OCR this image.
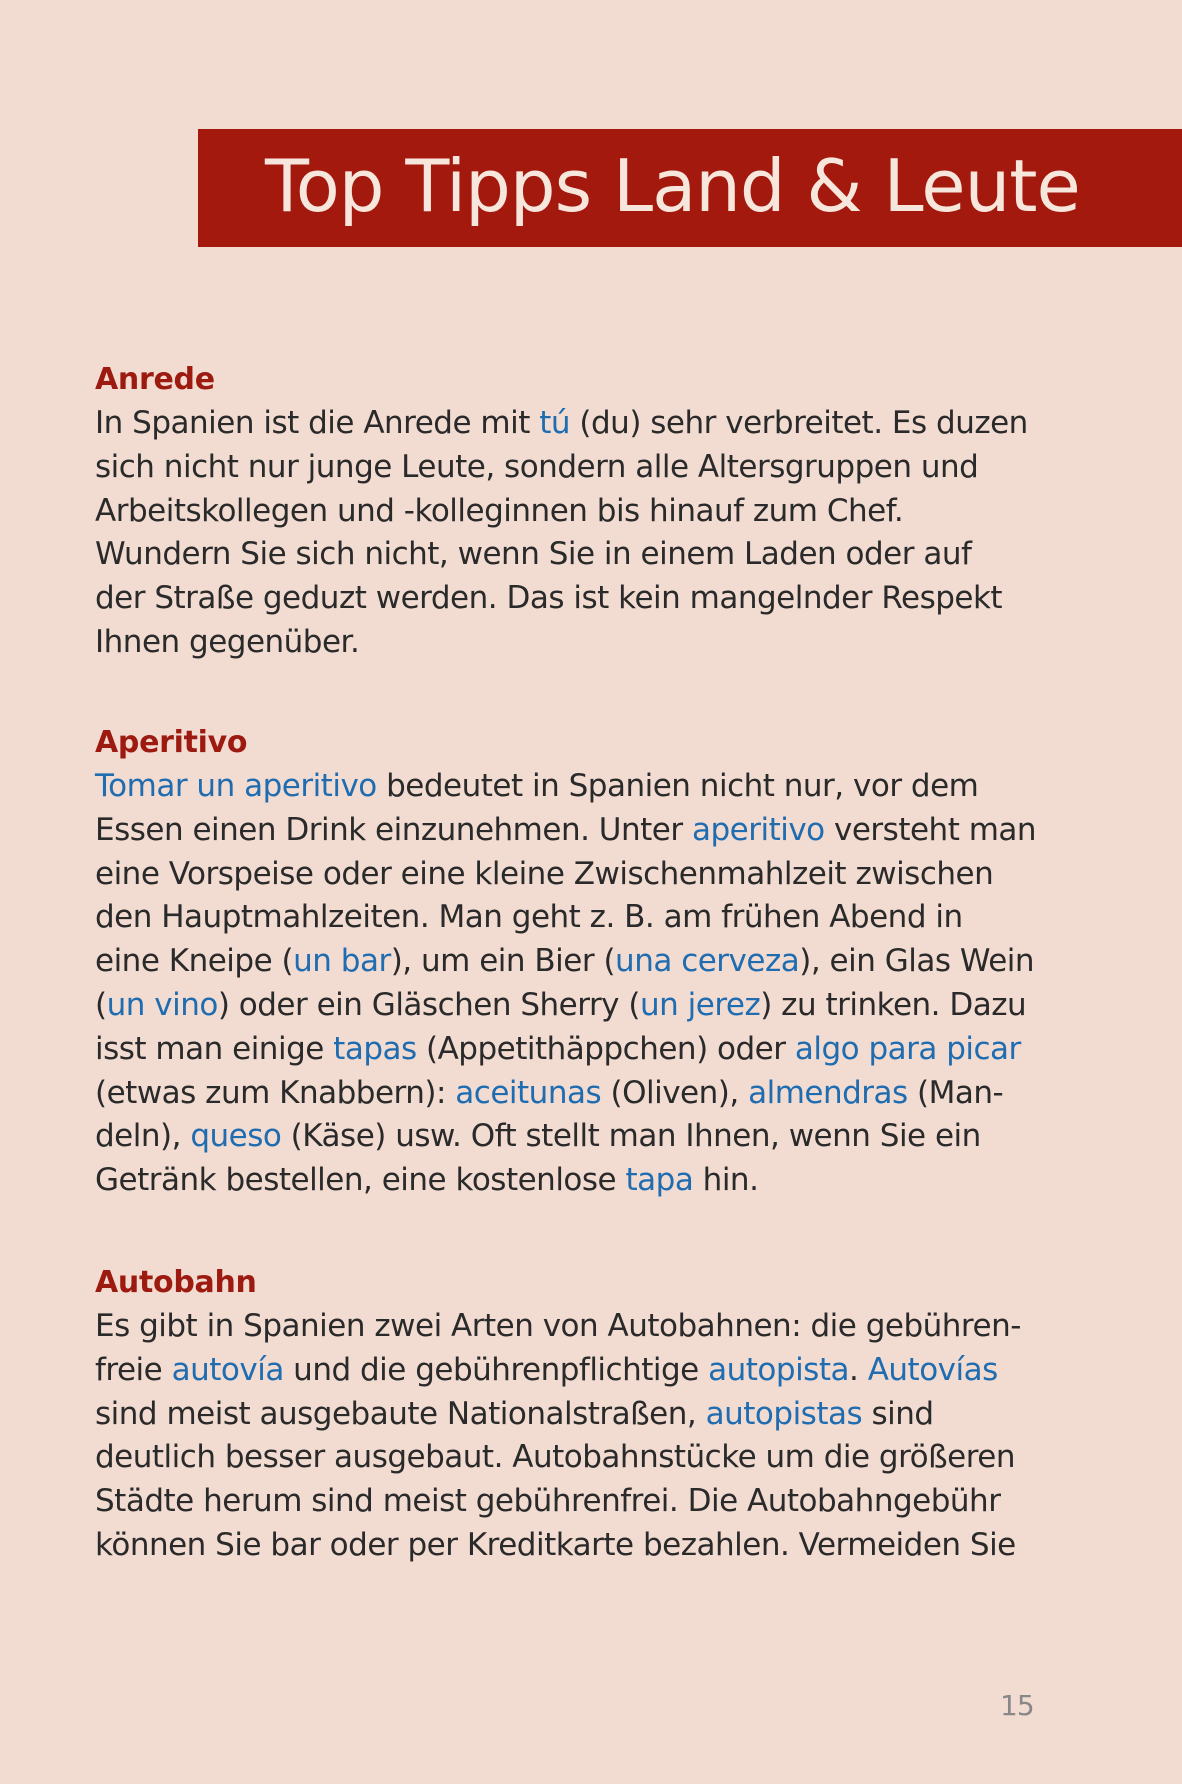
Top Tipps Land & Leute
Anrede

In Spanien ist die Anrede mit tú (du) sehr verbreitet. Es duzen
sich nicht nur junge Leute, sondern alle Altersgruppen und
Arbeitskollegen und -kolleginnen bis hinauf zum Chef.
Wundern Sie sich nicht, wenn Sie in einem Laden oder auf
der Straße geduzt werden. Das ist kein mangelnder Respekt
Ihnen gegenüber.

Aperitivo

Tomar un aperitivo bedeutet in Spanien nicht nur, vor dem
Essen einen Drink einzunehmen. Unter aperitivo versteht man
eine Vorspeise oder eine kleine Zwischenmahlzeit zwischen
den Hauptmahlzeiten. Man geht z. B. am frühen Abend in
eine Kneipe (un bar), um ein Bier (una cerveza), ein Glas Wein
(un vino) oder ein Gläschen Sherry (un jerez) zu trinken. Dazu
isst man einige tapas (Appetithäppchen) oder algo para picar
(etwas zum Knabbern): aceitunas (Oliven), almendras (Man-
deln), queso (Käse) usw. Oft stellt man Ihnen, wenn Sie ein
Getränk bestellen, eine kostenlose tapa hin.

Autobahn

Es gibt in Spanien zwei Arten von Autobahnen: die gebühren-
freie autovía und die gebührenpflichtige autopista. Autovías
sind meist ausgebaute Nationalstraßen, autopistas sind
deutlich besser ausgebaut. Autobahnstücke um die größeren
Städte herum sind meist gebührenfrei. Die Autobahngebühr
können Sie bar oder per Kreditkarte bezahlen. Vermeiden Sie

15
